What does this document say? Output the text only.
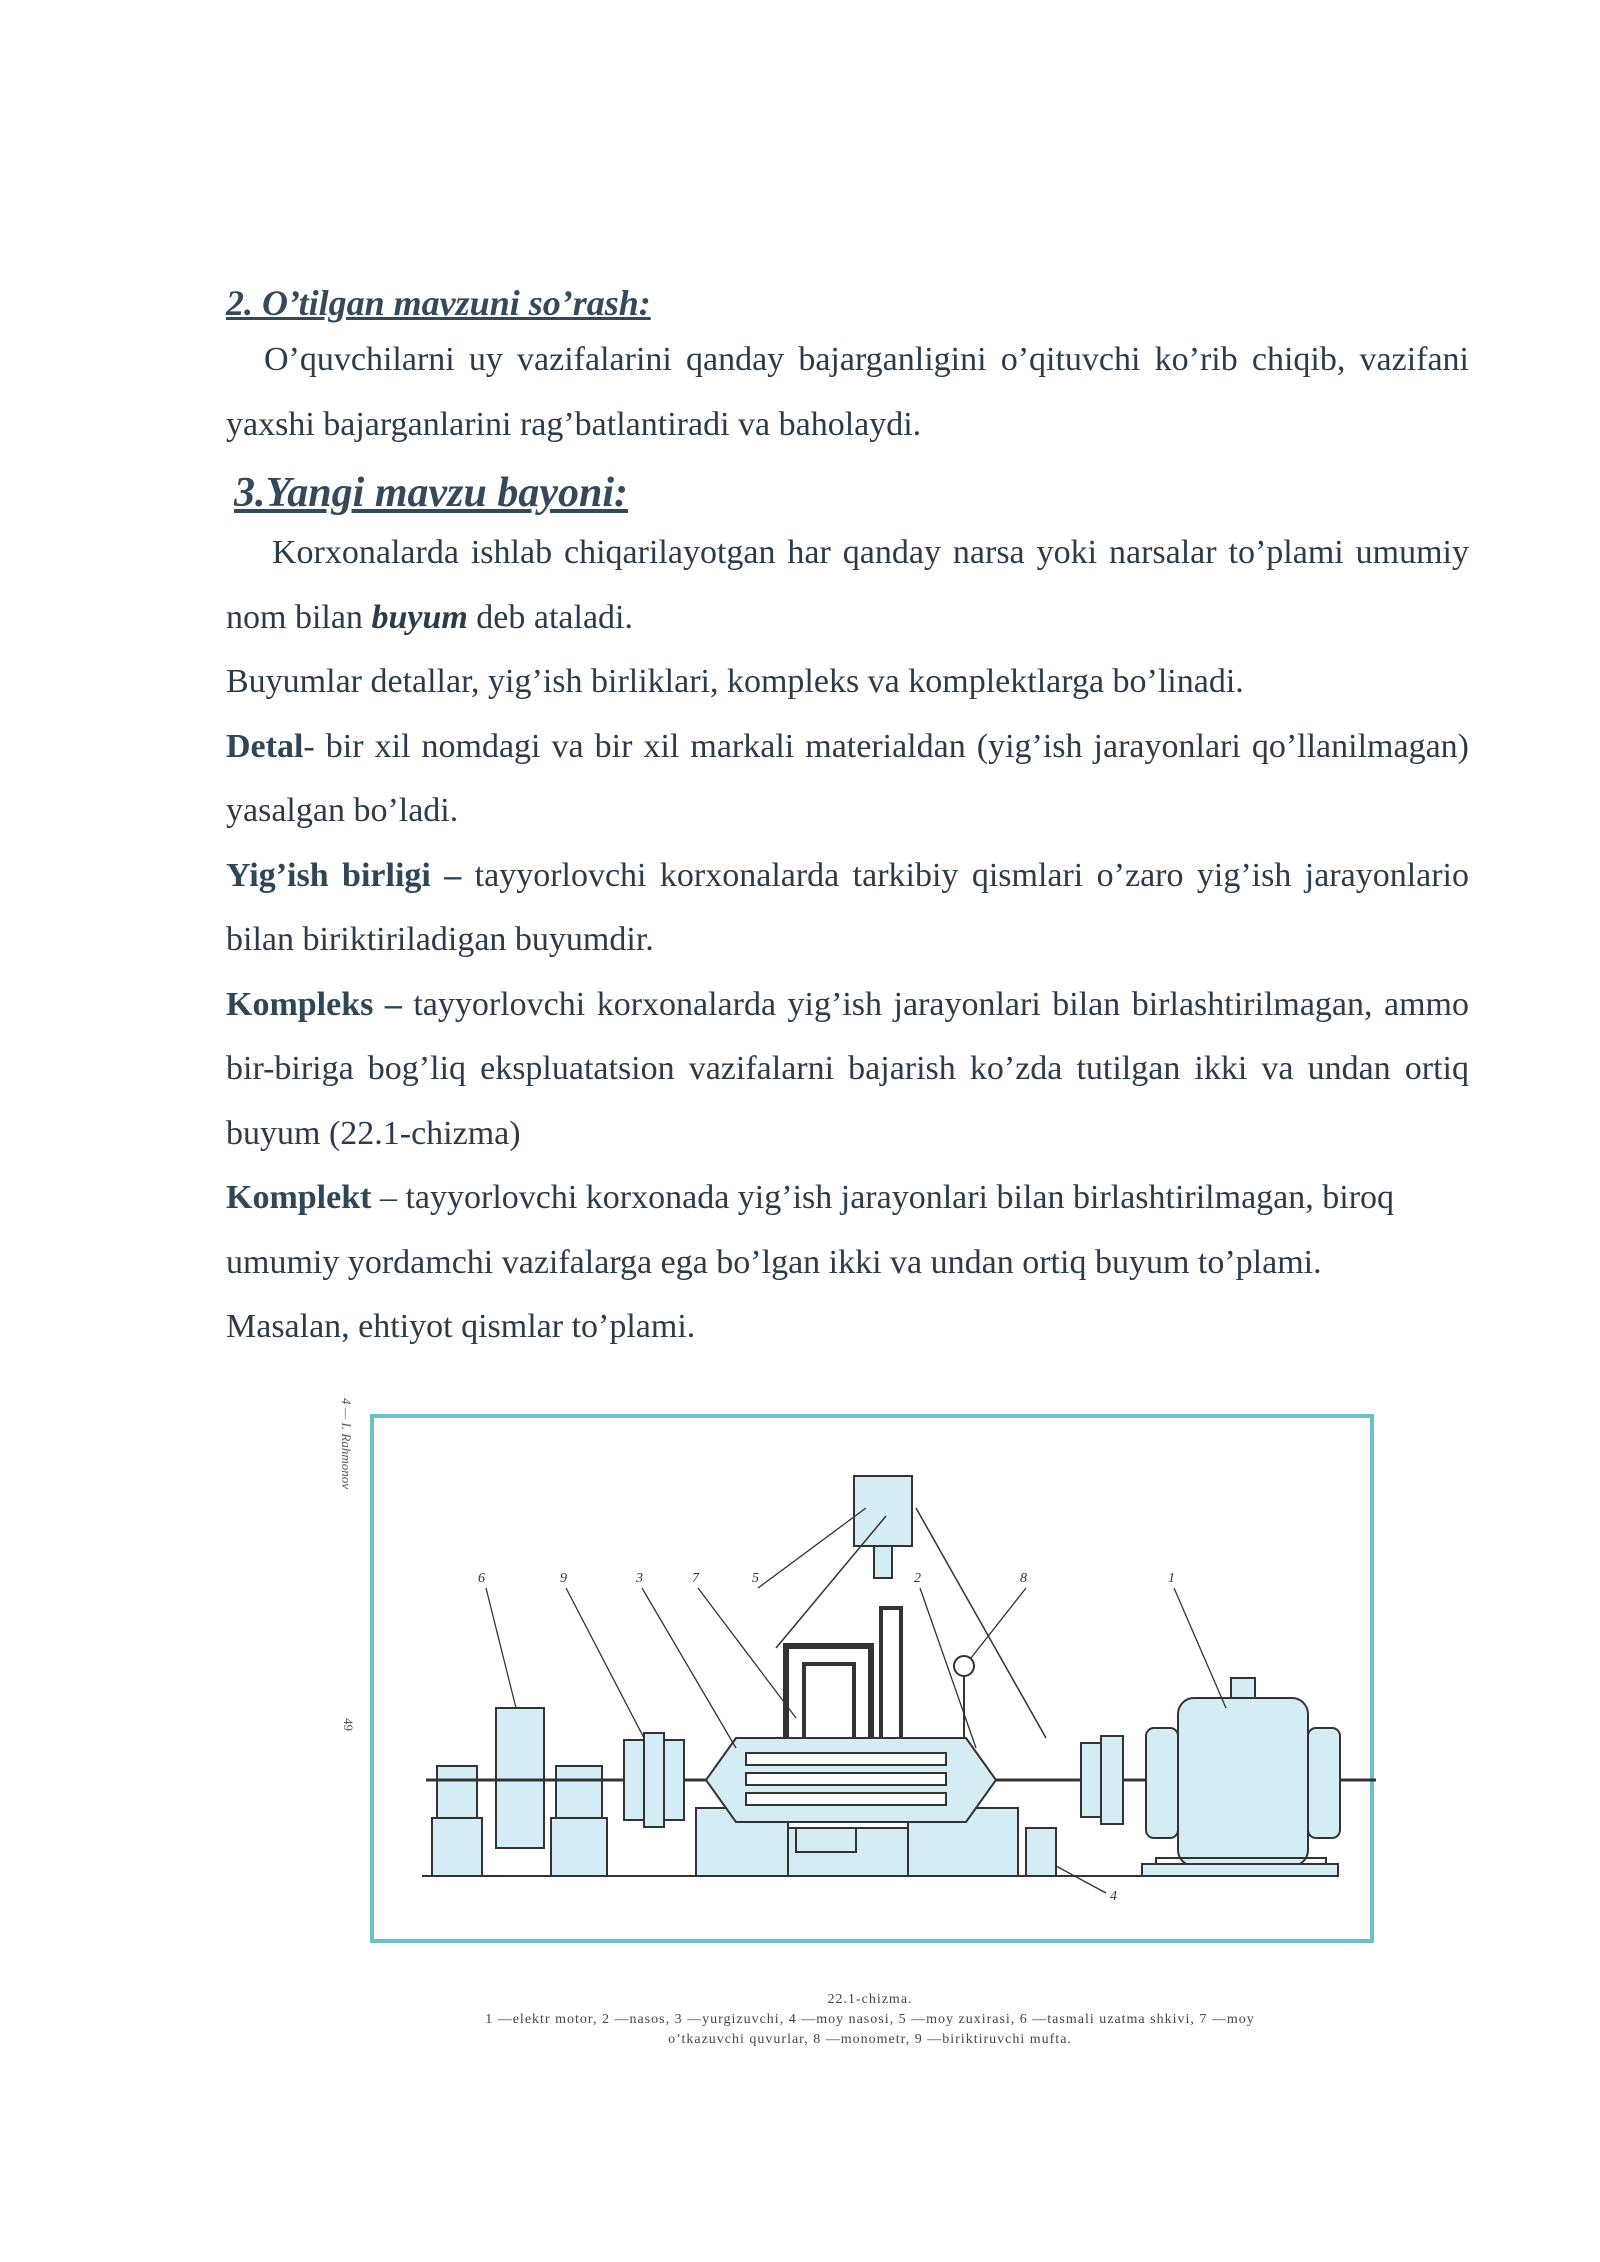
2. O’tilgan mavzuni so’rash:

O’quvchilarni uy vazifalarini qanday bajarganligini o’qituvchi ko’rib chiqib, vazifani yaxshi bajarganlarini rag’batlantiradi va baholaydi.

3.Yangi mavzu bayoni:

Korxonalarda ishlab chiqarilayotgan har qanday narsa yoki narsalar to’plami umumiy nom bilan buyum deb ataladi.

Buyumlar detallar, yig’ish birliklari, kompleks va komplektlarga bo’linadi.

Detal- bir xil nomdagi va bir xil markali materialdan (yig’ish jarayonlari qo’llanilmagan) yasalgan bo’ladi.

Yig’ish birligi – tayyorlovchi korxonalarda tarkibiy qismlari o’zaro yig’ish jarayonlario bilan biriktiriladigan buyumdir.

Kompleks – tayyorlovchi korxonalarda yig’ish jarayonlari bilan birlashtirilmagan, ammo bir-biriga bog’liq ekspluatatsion vazifalarni bajarish ko’zda tutilgan ikki va undan ortiq buyum (22.1-chizma)

Komplekt – tayyorlovchi korxonada yig’ish jarayonlari bilan birlashtirilmagan, biroq umumiy yordamchi vazifalarga ega bo’lgan ikki va undan ortiq buyum to’plami. Masalan, ehtiyot qismlar to’plami.

4 — I. Rahmonov
49
6	9	3	7	5	2	8	1
4
22.1-chizma.
1 —elektr motor, 2 —nasos, 3 —yurgizuvchi, 4 —moy nasosi, 5 —moy zuxirasi, 6 —tasmali uzatma shkivi, 7 —moy
o’tkazuvchi quvurlar, 8 —monometr, 9 —biriktiruvchi mufta.
